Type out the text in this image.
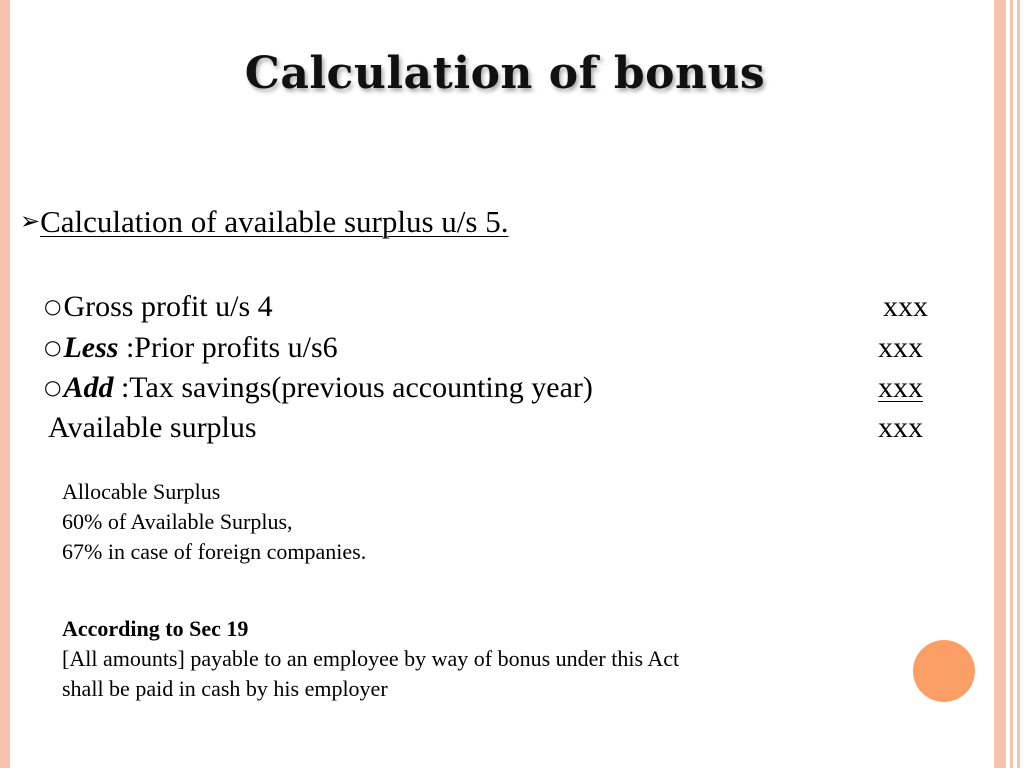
Calculation of bonus
➢Calculation of available surplus u/s 5.
○Gross profit u/s 4	xxx
○Less :Prior profits u/s6	xxx
○Add :Tax savings(previous accounting year)	xxx
Available surplus	xxx
Allocable Surplus
60% of Available Surplus,
67% in case of foreign companies.
According to Sec 19
[All amounts] payable to an employee by way of bonus under this Act
shall be paid in cash by his employer
